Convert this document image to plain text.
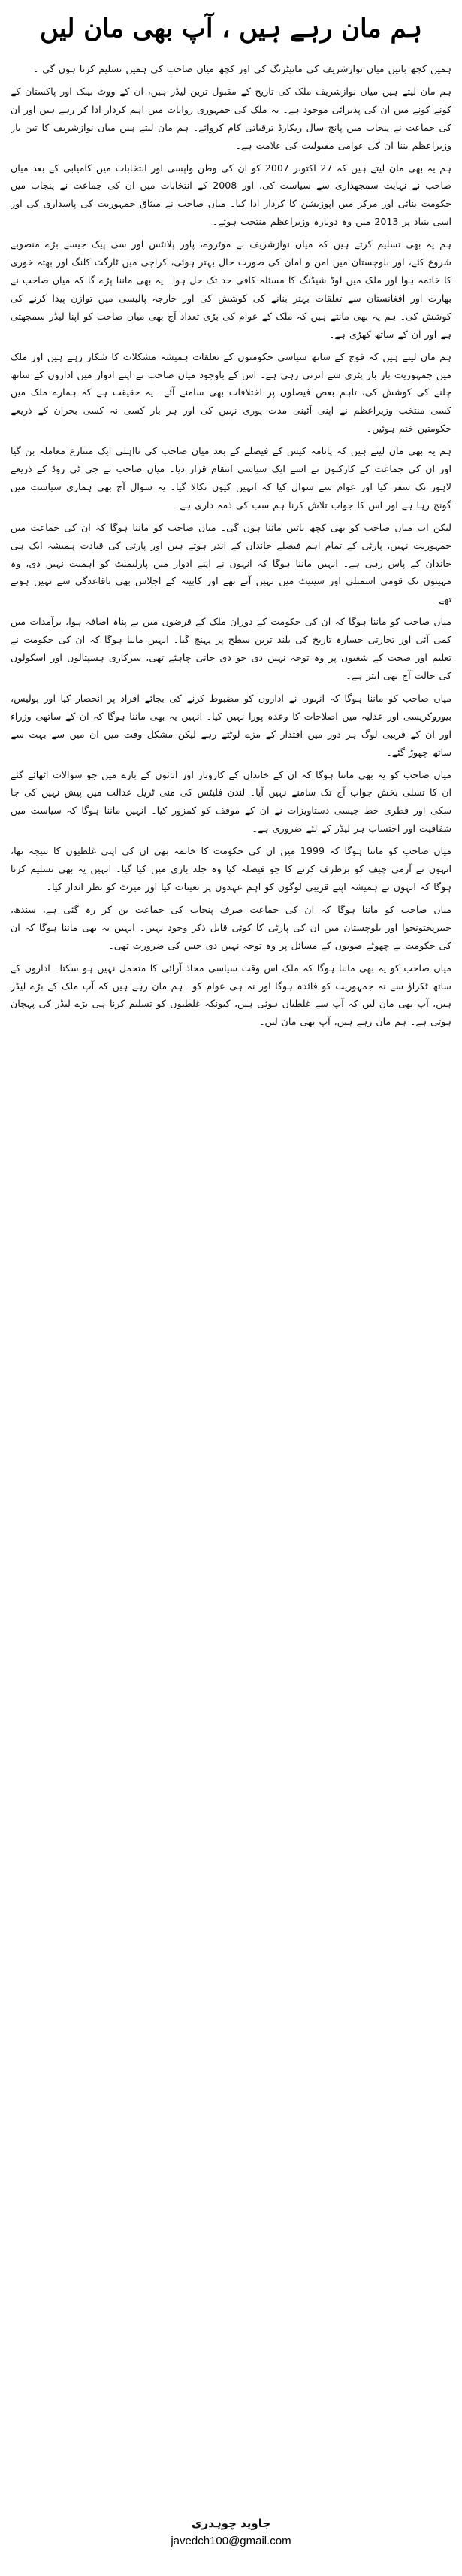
ہم مان رہے ہیں ، آپ بھی مان لیں

ہمیں کچھ باتیں میاں نوازشریف کی مانیٹرنگ کی اور کچھ میاں صاحب کی ہمیں تسلیم کرنا ہوں گی ۔

ہم مان لیتے ہیں میاں نوازشریف ملک کی تاریخ کے مقبول ترین لیڈر ہیں، ان کے ووٹ بینک اور پاکستان کے کونے کونے میں ان کی پذیرائی موجود ہے۔ یہ ملک کی جمہوری روایات میں اہم کردار ادا کر رہے ہیں اور ان کی جماعت نے پنجاب میں پانچ سال ریکارڈ ترقیاتی کام کروائے۔ ہم مان لیتے ہیں میاں نوازشریف کا تین بار وزیراعظم بننا ان کی عوامی مقبولیت کی علامت ہے۔

ہم یہ بھی مان لیتے ہیں کہ 27 اکتوبر 2007 کو ان کی وطن واپسی اور انتخابات میں کامیابی کے بعد میاں صاحب نے نہایت سمجھداری سے سیاست کی، اور 2008 کے انتخابات میں ان کی جماعت نے پنجاب میں حکومت بنائی اور مرکز میں اپوزیشن کا کردار ادا کیا۔ میاں صاحب نے میثاق جمہوریت کی پاسداری کی اور اسی بنیاد پر 2013 میں وہ دوبارہ وزیراعظم منتخب ہوئے۔

ہم یہ بھی تسلیم کرتے ہیں کہ میاں نوازشریف نے موٹروے، پاور پلانٹس اور سی پیک جیسے بڑے منصوبے شروع کئے، اور بلوچستان میں امن و امان کی صورت حال بہتر ہوئی، کراچی میں ٹارگٹ کلنگ اور بھتہ خوری کا خاتمہ ہوا اور ملک میں لوڈ شیڈنگ کا مسئلہ کافی حد تک حل ہوا۔ یہ بھی ماننا پڑے گا کہ میاں صاحب نے بھارت اور افغانستان سے تعلقات بہتر بنانے کی کوشش کی اور خارجہ پالیسی میں توازن پیدا کرنے کی کوشش کی۔ ہم یہ بھی مانتے ہیں کہ ملک کے عوام کی بڑی تعداد آج بھی میاں صاحب کو اپنا لیڈر سمجھتی ہے اور ان کے ساتھ کھڑی ہے۔

ہم مان لیتے ہیں کہ فوج کے ساتھ سیاسی حکومتوں کے تعلقات ہمیشہ مشکلات کا شکار رہے ہیں اور ملک میں جمہوریت بار بار پٹری سے اترتی رہی ہے۔ اس کے باوجود میاں صاحب نے اپنے ادوار میں اداروں کے ساتھ چلنے کی کوشش کی، تاہم بعض فیصلوں پر اختلافات بھی سامنے آئے۔ یہ حقیقت ہے کہ ہمارے ملک میں کسی منتخب وزیراعظم نے اپنی آئینی مدت پوری نہیں کی اور ہر بار کسی نہ کسی بحران کے ذریعے حکومتیں ختم ہوئیں۔

ہم یہ بھی مان لیتے ہیں کہ پانامہ کیس کے فیصلے کے بعد میاں صاحب کی نااہلی ایک متنازع معاملہ بن گیا اور ان کی جماعت کے کارکنوں نے اسے ایک سیاسی انتقام قرار دیا۔ میاں صاحب نے جی ٹی روڈ کے ذریعے لاہور تک سفر کیا اور عوام سے سوال کیا کہ انہیں کیوں نکالا گیا۔ یہ سوال آج بھی ہماری سیاست میں گونج رہا ہے اور اس کا جواب تلاش کرنا ہم سب کی ذمہ داری ہے۔

لیکن اب میاں صاحب کو بھی کچھ باتیں ماننا ہوں گی۔ میاں صاحب کو ماننا ہوگا کہ ان کی جماعت میں جمہوریت نہیں، پارٹی کے تمام اہم فیصلے خاندان کے اندر ہوتے ہیں اور پارٹی کی قیادت ہمیشہ ایک ہی خاندان کے پاس رہی ہے۔ انہیں ماننا ہوگا کہ انہوں نے اپنے ادوار میں پارلیمنٹ کو اہمیت نہیں دی، وہ مہینوں تک قومی اسمبلی اور سینیٹ میں نہیں آتے تھے اور کابینہ کے اجلاس بھی باقاعدگی سے نہیں ہوتے تھے۔

میاں صاحب کو ماننا ہوگا کہ ان کی حکومت کے دوران ملک کے قرضوں میں بے پناہ اضافہ ہوا، برآمدات میں کمی آئی اور تجارتی خسارہ تاریخ کی بلند ترین سطح پر پہنچ گیا۔ انہیں ماننا ہوگا کہ ان کی حکومت نے تعلیم اور صحت کے شعبوں پر وہ توجہ نہیں دی جو دی جانی چاہئے تھی، سرکاری ہسپتالوں اور اسکولوں کی حالت آج بھی ابتر ہے۔

میاں صاحب کو ماننا ہوگا کہ انہوں نے اداروں کو مضبوط کرنے کی بجائے افراد پر انحصار کیا اور پولیس، بیوروکریسی اور عدلیہ میں اصلاحات کا وعدہ پورا نہیں کیا۔ انہیں یہ بھی ماننا ہوگا کہ ان کے ساتھی وزراء اور ان کے قریبی لوگ ہر دور میں اقتدار کے مزے لوٹتے رہے لیکن مشکل وقت میں ان میں سے بہت سے ساتھ چھوڑ گئے۔

میاں صاحب کو یہ بھی ماننا ہوگا کہ ان کے خاندان کے کاروبار اور اثاثوں کے بارے میں جو سوالات اٹھائے گئے ان کا تسلی بخش جواب آج تک سامنے نہیں آیا۔ لندن فلیٹس کی منی ٹریل عدالت میں پیش نہیں کی جا سکی اور قطری خط جیسی دستاویزات نے ان کے موقف کو کمزور کیا۔ انہیں ماننا ہوگا کہ سیاست میں شفافیت اور احتساب ہر لیڈر کے لئے ضروری ہے۔

میاں صاحب کو ماننا ہوگا کہ 1999 میں ان کی حکومت کا خاتمہ بھی ان کی اپنی غلطیوں کا نتیجہ تھا، انہوں نے آرمی چیف کو برطرف کرنے کا جو فیصلہ کیا وہ جلد بازی میں کیا گیا۔ انہیں یہ بھی تسلیم کرنا ہوگا کہ انہوں نے ہمیشہ اپنے قریبی لوگوں کو اہم عہدوں پر تعینات کیا اور میرٹ کو نظر انداز کیا۔

میاں صاحب کو ماننا ہوگا کہ ان کی جماعت صرف پنجاب کی جماعت بن کر رہ گئی ہے، سندھ، خیبرپختونخوا اور بلوچستان میں ان کی پارٹی کا کوئی قابل ذکر وجود نہیں۔ انہیں یہ بھی ماننا ہوگا کہ ان کی حکومت نے چھوٹے صوبوں کے مسائل پر وہ توجہ نہیں دی جس کی ضرورت تھی۔

میاں صاحب کو یہ بھی ماننا ہوگا کہ ملک اس وقت سیاسی محاذ آرائی کا متحمل نہیں ہو سکتا۔ اداروں کے ساتھ ٹکراؤ سے نہ جمہوریت کو فائدہ ہوگا اور نہ ہی عوام کو۔ ہم مان رہے ہیں کہ آپ ملک کے بڑے لیڈر ہیں، آپ بھی مان لیں کہ آپ سے غلطیاں ہوئی ہیں، کیونکہ غلطیوں کو تسلیم کرنا ہی بڑے لیڈر کی پہچان ہوتی ہے۔ ہم مان رہے ہیں، آپ بھی مان لیں۔

جاوید چوہدری
javedch100@gmail.com
